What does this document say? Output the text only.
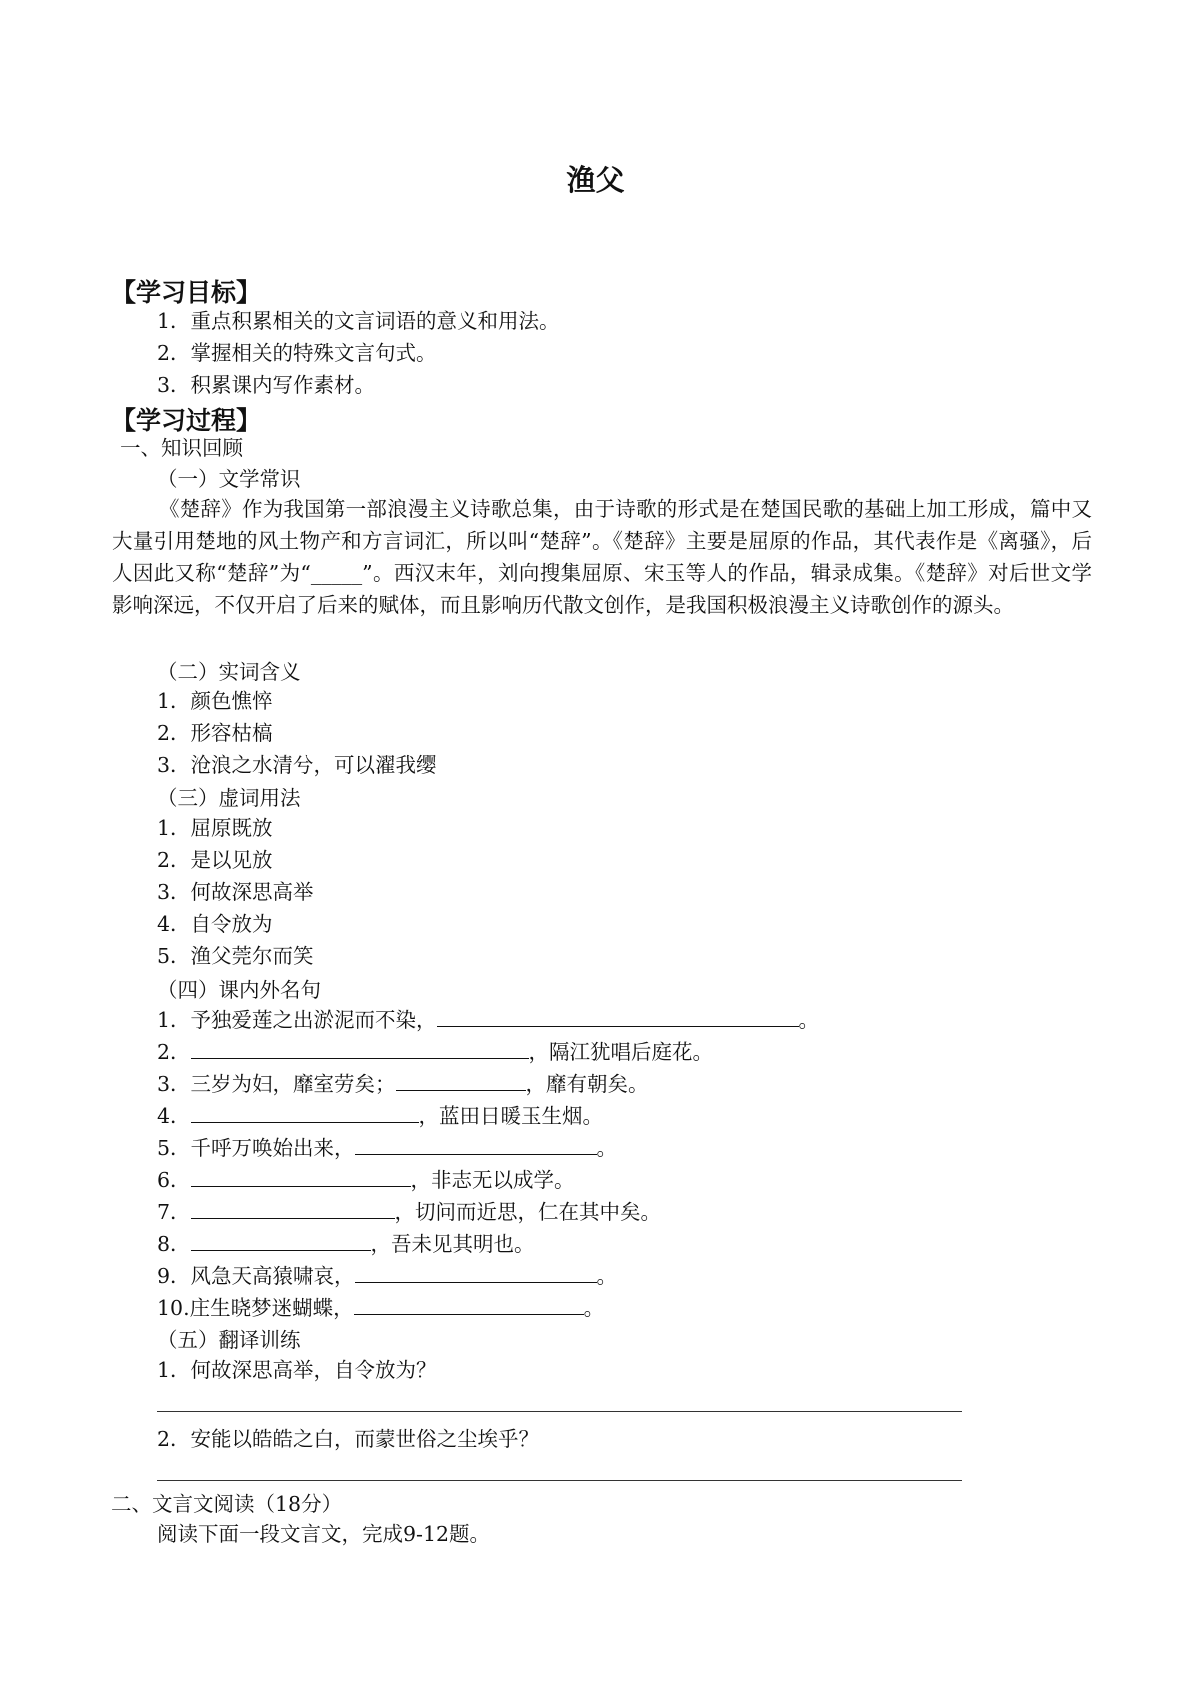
渔父
【学习目标】
1．重点积累相关的文言词语的意义和用法。
2．掌握相关的特殊文言句式。
3．积累课内写作素材。
【学习过程】
一、知识回顾
（一）文学常识
《楚辞》作为我国第一部浪漫主义诗歌总集，由于诗歌的形式是在楚国民歌的基础上加工形成，篇中又大量引用楚地的风土物产和方言词汇，所以叫“楚辞”。《楚辞》主要是屈原的作品，其代表作是《离骚》，后人因此又称“楚辞”为“_____”。西汉末年，刘向搜集屈原、宋玉等人的作品，辑录成集。《楚辞》对后世文学影响深远，不仅开启了后来的赋体，而且影响历代散文创作，是我国积极浪漫主义诗歌创作的源头。
（二）实词含义
1．颜色憔悴
2．形容枯槁
3．沧浪之水清兮，可以濯我缨
（三）虚词用法
1．屈原既放
2．是以见放
3．何故深思高举
4．自令放为
5．渔父莞尔而笑
（四）课内外名句
1．予独爱莲之出淤泥而不染，	。
2．	，隔江犹唱后庭花。
3．三岁为妇，靡室劳矣；	，靡有朝矣。
4．	，蓝田日暖玉生烟。
5．千呼万唤始出来，	。
6．	，非志无以成学。
7．	，切问而近思，仁在其中矣。
8．	，吾未见其明也。
9．风急天高猿啸哀，	。
10.庄生晓梦迷蝴蝶，	。
（五）翻译训练
1．何故深思高举，自令放为？
2．安能以皓皓之白，而蒙世俗之尘埃乎？
二、文言文阅读（18分）
阅读下面一段文言文，完成9-12题。
